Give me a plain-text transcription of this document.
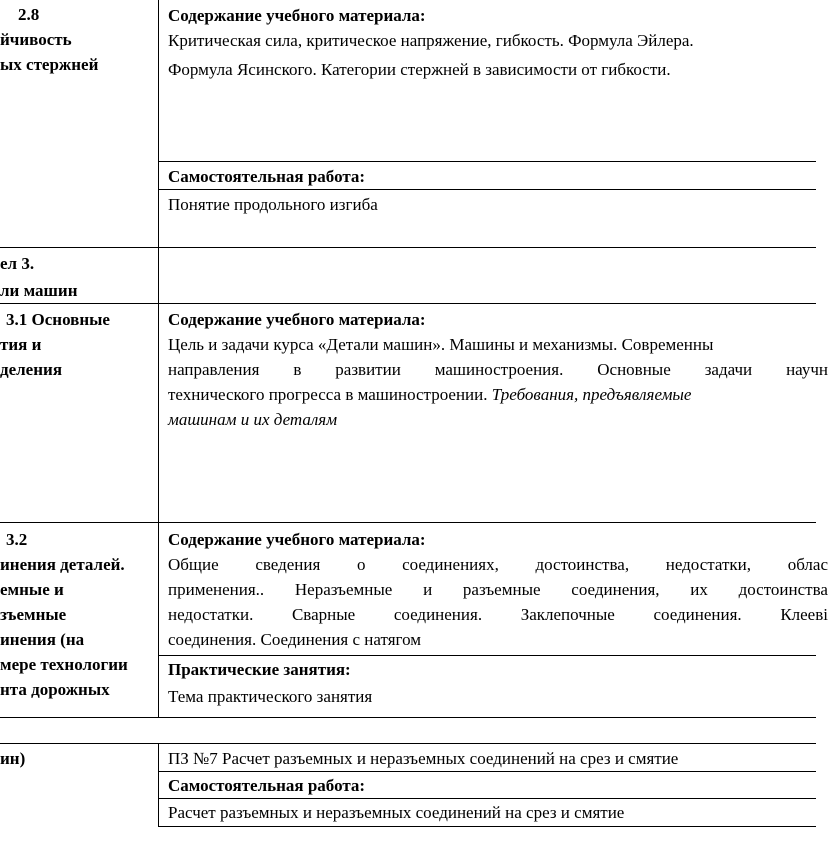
2.8
йчивость
ых стержней
Содержание учебного материала:
Критическая сила, критическое напряжение, гибкость. Формула Эйлера.
Формула Ясинского. Категории стержней в зависимости от гибкости.
Самостоятельная работа:
Понятие продольного изгиба
ел 3.
ли машин
3.1 Основные
тия и
деления
Содержание учебного материала:
Цель и задачи курса «Детали машин». Машины и механизмы. Современны
направления в развитии машиностроения. Основные задачи научн
технического прогресса в машиностроении. Требования, предъявляемые
машинам и их деталям
3.2
инения деталей.
емные и
зъемные
инения (на
мере технологии
нта дорожных
Содержание учебного материала:
Общие сведения о соединениях, достоинства, недостатки, облас
применения.. Неразъемные и разъемные соединения, их достоинства
недостатки. Сварные соединения. Заклепочные соединения. Клееві
соединения. Соединения с натягом
Практические занятия:
Тема практического занятия
ин)	ПЗ №7 Расчет разъемных и неразъемных соединений на срез и смятие
Самостоятельная работа:
Расчет разъемных и неразъемных соединений на срез и смятие
